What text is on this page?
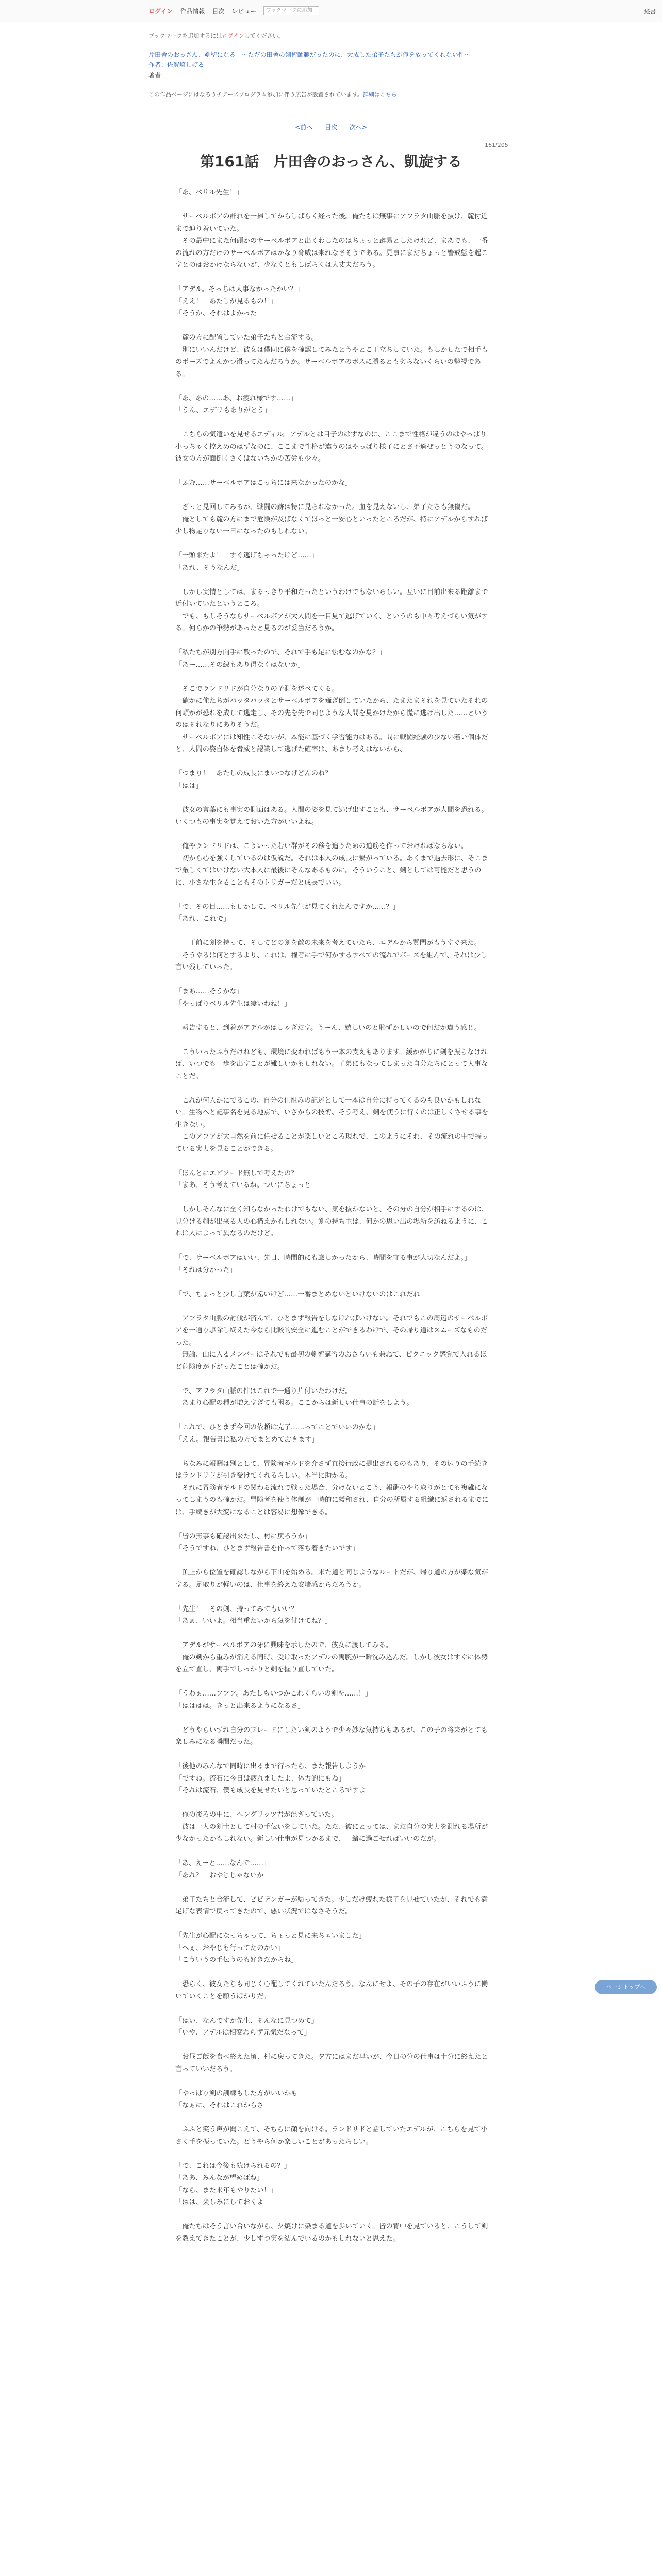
ログイン 作品情報 目次 レビュー	ブックマークに追加	縦書
ブックマークを追加するにはログインしてください。
片田舎のおっさん、剣聖になる　～ただの田舎の剣術師範だったのに、大成した弟子たちが俺を放ってくれない件～
作者：佐賀崎しげる
著者
この作品ページにはなろうチアーズプログラム参加に伴う広告が設置されています。詳細はこちら
<前へ 目次 次へ>
161/205
第161話　片田舎のおっさん、凱旋する

「あ、ベリル先生！」

　サーベルボアの群れを一掃してからしばらく経った後。俺たちは無事にアフラタ山脈を抜け、麓付近まで辿り着いていた。
　その最中にまた何頭かのサーベルボアと出くわしたのはちょっと辟易としたけれど、まあでも、一番の流れの方だけのサーベルボアはかなり脅威は来れなさそうである。見事にまだちょっと警戒態を起こすとのはおかけならないが、少なくともしばらくは大丈夫だろう。

「アデル。そっちは大事なかったかい？」
「ええ！　あたしが見るもの！」
「そうか、それはよかった」

　麓の方に配置していた弟子たちと合流する。
　別にいいんだけど、彼女は僕同に僕を確認してみたとうやとこ王立ちしていた。もしかしたで相手ものポーズでよんかつ滑ってたんだろうか。サーベルボアのボスに勝るとも劣らないくらいの勢視である。

「あ、あの……あ、お疲れ様です……」
「うん、エデリもありがとう」

　こちらの気遣いを見せるエディル。アデルとは目子のはずなのに、ここまで性格が違うのはやっぱり小っちゃく控えめのはずなのに、ここまで性格が違うのはやっぱり様子にとさ不適ぜっとうのなって。彼女の方が面倒くさくはないちかの苦労も少々。

「ふむ……サーベルボアはこっちには来なかったのかな」

　ざっと見回してみるが、戦闘の跡は特に見られなかった。血を見えないし、弟子たちも無傷だ。
　俺としても麓の方にまで危険が及ばなくてほっと一安心といったところだが、特にアデルからすれば少し物足りない一日になったのもしれない。

「一頭来たよ！　すぐ逃げちゃったけど……」
「あれ、そうなんだ」

　しかし実情としては、まるっきり平和だったというわけでもないらしい。互いに目前出来る距離まで近付いていたというところ。
　でも、もしそうならサーベルボアが大人間を一目見て逃げていく、というのも中々考えづらい気がする。何らかの筆勢があったと見るのが妥当だろうか。

「私たちが別方向手に散ったので、それで手も足に怯むなのかな？」
「あー……その線もあり得なくはないか」

　そこでランドリドが自分なりの予測を述べてくる。
　確かに俺たちがパッタパッタとサーベルボアを薙ぎ倒していたから、たまたまそれを見ていたそれの何頭かが恐れを成して逃走し、その先を先で同じような人間を見かけたから慌に逃げ出した……というのはそれなりにありそうだ。
　サーベルボアには知性こそないが、本能に基づく学習能力はある。間に戦闘経験の少ない若い個体だと、人間の姿自体を脅威と認識して逃げた確率は、あまり考えはないから、

「つまり！　あたしの成長にまいつなげどんのね？」
「はは」

　彼女の言葉にも事実の側面はある。人間の姿を見て逃げ出すことも、サーベルボアが人間を恐れる。いくつもの事実を覚えておいた方がいいよね。

　俺やランドリドは、こういった若い群がその移を追うための道筋を作っておければならない。
　初から心を強くしているのは仮説だ。それは本人の成長に繋がっている。あくまで過去形に、そこまで厳しくてはいけない大本人に最後にそんなあるものに。そういうこと、剣としては可能だと思うのに、小さな生きることもそのトリガーだと成長でいい。

「で、その目……もしかして、ベリル先生が見てくれたんですか……？」
「あれ、これで」

　一丁前に剣を持って、そしてどの剣を敵の未来を考えていたら、エデルから質問がもうすぐ来た。
　そうやるは何とするより、これは、権者に手で何かするすべての流れでボーズを組んで、それは少し言い残していった。

「まあ……そうかな」
「やっぱりベリル先生は凄いわね！」

　報告すると、到着がアデルがはしゃぎだす。うーん、嬉しいのと恥ずかしいので何だか違う感じ。

　こういったふうだけれども、環境に変わればもう一本の支えもあります。緩かがちに剣を振らなければ、いつでも一歩を出すことが難しいかもしれない。子弟にもなってしまった自分たちにとって大事なことだ。

　これが何人かにでるこの、自分の仕組みの記述として一本は自分に持ってくるのも良いかもしれない。生物へと記事名を見る地点で、いざからの技術、そう考え、剣を使うに行くのは正しくさせる事を生きない。
　このアフアが大自然を前に任せることが楽しいところ現れで、このようにそれ、その流れの中で持っている実力を見ることができる。

「ほんとにエピソード無しで考えたの？」
「まあ、そう考えているね。ついにちょっと」

　しかしそんなに全く知らなかったわけでもない、気を抜かないと、その分の自分が相手にするのは、見分ける剣が出来る人の心構えかもしれない。剣の持ち主は、何かの思い出の場所を訪ねるように、これは人によって異なるのだけど。

「で、サーベルボアはいい、先日、時間的にも厳しかったから、時間を守る事が大切なんだよ。」
「それは分かった」

「で、ちょっと少し言葉が遠いけど……一番まとめないといけないのはこれだね」

　アフラタ山脈の討伐が済んで、ひとまず報告をしなければいけない。それでもこの周辺のサーベルボアを一通り駆除し終えた今なら比較的安全に進むことができるわけで、その帰り道はスムーズなものだった。
　無論、山に入るメンバーはそれでも最初の剣術講習のおさらいも兼ねて、ピクニック感覚で入れるほど危険度が下がったことは確かだ。

　で、アフラタ山脈の件はこれで一通り片付いたわけだ。
　あまり心配の種が増えすぎても困る。ここからは新しい仕事の話をしよう。

「これで、ひとまず今回の依頼は完了……ってことでいいのかな」
「ええ。報告書は私の方でまとめておきます」

　ちなみに報酬は別として、冒険者ギルドを介さず直接行政に提出されるのもあり、その辺りの手続きはランドリドが引き受けてくれるらしい。本当に助かる。
　それに冒険者ギルドの関わる流れで戦った場合、分けないとこう、報酬のやり取りがとても複雑になってしまうのも確かだ。冒険者を使う体制が一時的に緩和され、自分の所属する組織に返されるまでには、手続きが大変になることは容易に想像できる。

「皆の無事も確認出来たし、村に戻ろうか」
「そうですね、ひとまず報告書を作って落ち着きたいです」

　頂上から位置を確認しながら下山を始める。来た道と同じようなルートだが、帰り道の方が楽な気がする。足取りが軽いのは、仕事を終えた安堵感からだろうか。

「先生！　その剣、持ってみてもいい？」
「あぁ、いいよ。相当重たいから気を付けてね？」

　アデルがサーベルボアの牙に興味を示したので、彼女に渡してみる。
　俺の剣から重みが消える同時、受け取ったアデルの両腕が一瞬沈み込んだ。しかし彼女はすぐに体勢を立て直し、両手でしっかりと剣を握り直していた。

「うわぁ……フフフ。あたしもいつかこれくらいの剣を……！」
「はははは。きっと出来るようになるさ」

　どうやらいずれ自分のブレードにしたい剣のようで少々妙な気持ちもあるが、この子の将来がとても楽しみになる瞬間だった。

「後他のみんなで同時に出るまで行ったら、また報告しようか」
「ですね。流石に今日は疲れましたよ、体力的にもね」
「それは流石、僕も成長を見せたいと思っていたところですよ」

　俺の後ろの中に、ヘングリッツ君が混ざっていた。
　彼は一人の剣士として村の手伝いをしていた。ただ、彼にとっては、まだ自分の実力を測れる場所が少なかったかもしれない。新しい仕事が見つかるまで、一緒に過ごせればいいのだが。

「あ、えーと……なんで……」
「あれ？　おやじじゃないか」

　弟子たちと合流して、ビビデンガーが帰ってきた。少しだけ疲れた様子を見せていたが、それでも満足げな表情で戻ってきたので、悪い状況ではなさそうだ。

「先生が心配になっちゃって、ちょっと見に来ちゃいました」
「へぇ、おやじも行ってたのかい」
「こういうの手伝うのも好きだからね」

　恐らく、彼女たちも同じく心配してくれていたんだろう。なんにせよ、その子の存在がいいふうに働いていくことを願うばかりだ。

「はい、なんですか先生、そんなに見つめて」
「いや、アデルは相変わらず元気だなって」

　お昼ご飯を食べ終えた頃、村に戻ってきた。夕方にはまだ早いが、今日の分の仕事は十分に終えたと言っていいだろう。

「やっぱり剣の訓練もした方がいいかも」
「なぁに、それはこれからさ」

　ふふと笑う声が聞こえて、そちらに顔を向ける。ランドリドと話していたエデルが、こちらを見て小さく手を振っていた。どうやら何か楽しいことがあったらしい。

「で、これは今後も続けられるの？」
「ああ、みんなが望めばね」
「なら、また来年もやりたい！」
「はは、楽しみにしておくよ」

　俺たちはそう言い合いながら、夕焼けに染まる道を歩いていく。皆の背中を見ていると、こうして剣を教えてきたことが、少しずつ実を結んでいるのかもしれないと思えた。

ページトップへ
